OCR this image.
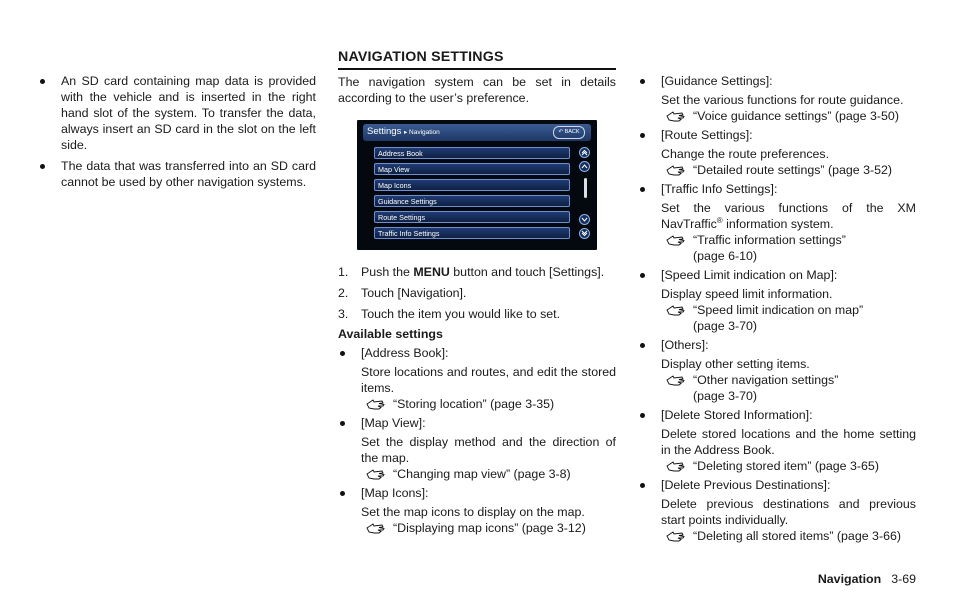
An SD card containing map data is provided with the vehicle and is inserted in the right hand slot of the system. To transfer the data, always insert an SD card in the slot on the left side.
The data that was transferred into an SD card cannot be used by other navigation systems.
NAVIGATION SETTINGS
The navigation system can be set in details according to the user’s preference.
Settings ▸ Navigation	↶ BACK
Address Book
Map View
Map Icons
Guidance Settings
Route Settings
Traffic Info Settings
1. Push the MENU button and touch [Settings].
2. Touch [Navigation].
3. Touch the item you would like to set.
Available settings
[Address Book]:
Store locations and routes, and edit the stored items.
“Storing location” (page 3-35)
[Map View]:
Set the display method and the direction of the map.
“Changing map view” (page 3-8)
[Map Icons]:
Set the map icons to display on the map.
“Displaying map icons” (page 3-12)
[Guidance Settings]:
Set the various functions for route guidance.
“Voice guidance settings” (page 3-50)
[Route Settings]:
Change the route preferences.
“Detailed route settings” (page 3-52)
[Traffic Info Settings]:
Set the various functions of the XM NavTraffic® information system.
“Traffic information settings”
(page 6-10)
[Speed Limit indication on Map]:
Display speed limit information.
“Speed limit indication on map”
(page 3-70)
[Others]:
Display other setting items.
“Other navigation settings”
(page 3-70)
[Delete Stored Information]:
Delete stored locations and the home setting in the Address Book.
“Deleting stored item” (page 3-65)
[Delete Previous Destinations]:
Delete previous destinations and previous start points individually.
“Deleting all stored items” (page 3-66)
Navigation 3-69
